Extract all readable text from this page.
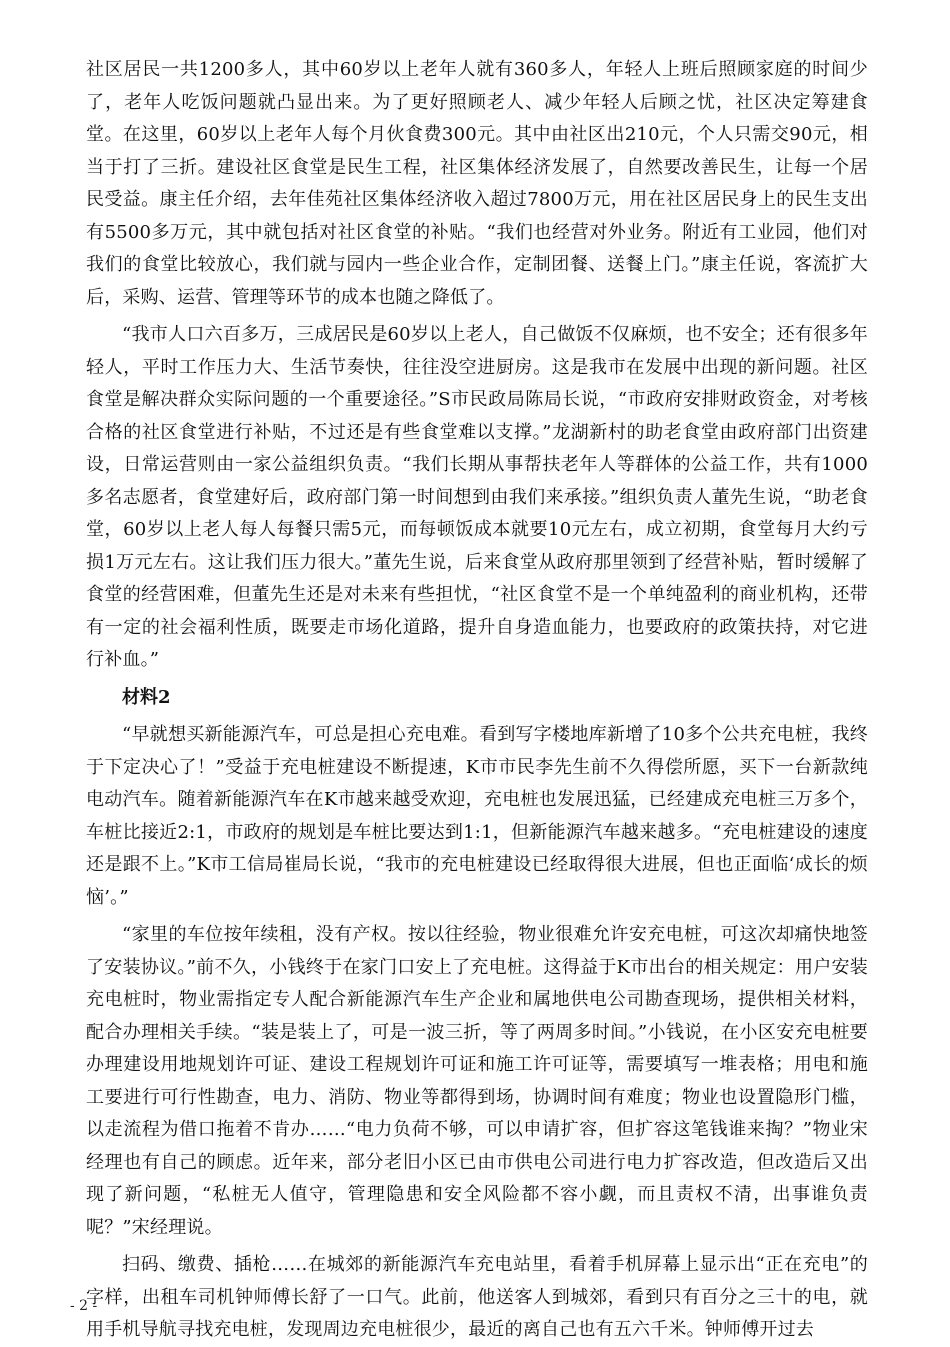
社区居民一共1200多人，其中60岁以上老年人就有360多人，年轻人上班后照顾家庭的时间少了，老年人吃饭问题就凸显出来。为了更好照顾老人、减少年轻人后顾之忧，社区决定筹建食堂。在这里，60岁以上老年人每个月伙食费300元。其中由社区出210元，个人只需交90元，相当于打了三折。建设社区食堂是民生工程，社区集体经济发展了，自然要改善民生，让每一个居民受益。康主任介绍，去年佳苑社区集体经济收入超过7800万元，用在社区居民身上的民生支出有5500多万元，其中就包括对社区食堂的补贴。“我们也经营对外业务。附近有工业园，他们对我们的食堂比较放心，我们就与园内一些企业合作，定制团餐、送餐上门。”康主任说，客流扩大后，采购、运营、管理等环节的成本也随之降低了。

“我市人口六百多万，三成居民是60岁以上老人，自己做饭不仅麻烦，也不安全；还有很多年轻人，平时工作压力大、生活节奏快，往往没空进厨房。这是我市在发展中出现的新问题。社区食堂是解决群众实际问题的一个重要途径。”S市民政局陈局长说，“市政府安排财政资金，对考核合格的社区食堂进行补贴，不过还是有些食堂难以支撑。”龙湖新村的助老食堂由政府部门出资建设，日常运营则由一家公益组织负责。“我们长期从事帮扶老年人等群体的公益工作，共有1000多名志愿者，食堂建好后，政府部门第一时间想到由我们来承接。”组织负责人董先生说，“助老食堂，60岁以上老人每人每餐只需5元，而每顿饭成本就要10元左右，成立初期，食堂每月大约亏损1万元左右。这让我们压力很大。”董先生说，后来食堂从政府那里领到了经营补贴，暂时缓解了食堂的经营困难，但董先生还是对未来有些担忧，“社区食堂不是一个单纯盈利的商业机构，还带有一定的社会福利性质，既要走市场化道路，提升自身造血能力，也要政府的政策扶持，对它进行补血。”

材料2

“早就想买新能源汽车，可总是担心充电难。看到写字楼地库新增了10多个公共充电桩，我终于下定决心了！”受益于充电桩建设不断提速，K市市民李先生前不久得偿所愿，买下一台新款纯电动汽车。随着新能源汽车在K市越来越受欢迎，充电桩也发展迅猛，已经建成充电桩三万多个，车桩比接近2:1，市政府的规划是车桩比要达到1:1，但新能源汽车越来越多。“充电桩建设的速度还是跟不上。”K市工信局崔局长说，“我市的充电桩建设已经取得很大进展，但也正面临‘成长的烦恼’。”

“家里的车位按年续租，没有产权。按以往经验，物业很难允许安充电桩，可这次却痛快地签了安装协议。”前不久，小钱终于在家门口安上了充电桩。这得益于K市出台的相关规定：用户安装充电桩时，物业需指定专人配合新能源汽车生产企业和属地供电公司勘查现场，提供相关材料，配合办理相关手续。“装是装上了，可是一波三折，等了两周多时间。”小钱说，在小区安充电桩要办理建设用地规划许可证、建设工程规划许可证和施工许可证等，需要填写一堆表格；用电和施工要进行可行性勘查，电力、消防、物业等都得到场，协调时间有难度；物业也设置隐形门槛，以走流程为借口拖着不肯办……“电力负荷不够，可以申请扩容，但扩容这笔钱谁来掏？”物业宋经理也有自己的顾虑。近年来，部分老旧小区已由市供电公司进行电力扩容改造，但改造后又出现了新问题，“私桩无人值守，管理隐患和安全风险都不容小觑，而且责权不清，出事谁负责呢？”宋经理说。

扫码、缴费、插枪……在城郊的新能源汽车充电站里，看着手机屏幕上显示出“正在充电”的字样，出租车司机钟师傅长舒了一口气。此前，他送客人到城郊，看到只有百分之三十的电，就用手机导航寻找充电桩，发现周边充电桩很少，最近的离自己也有五六千米。钟师傅开过去

- 2 -
